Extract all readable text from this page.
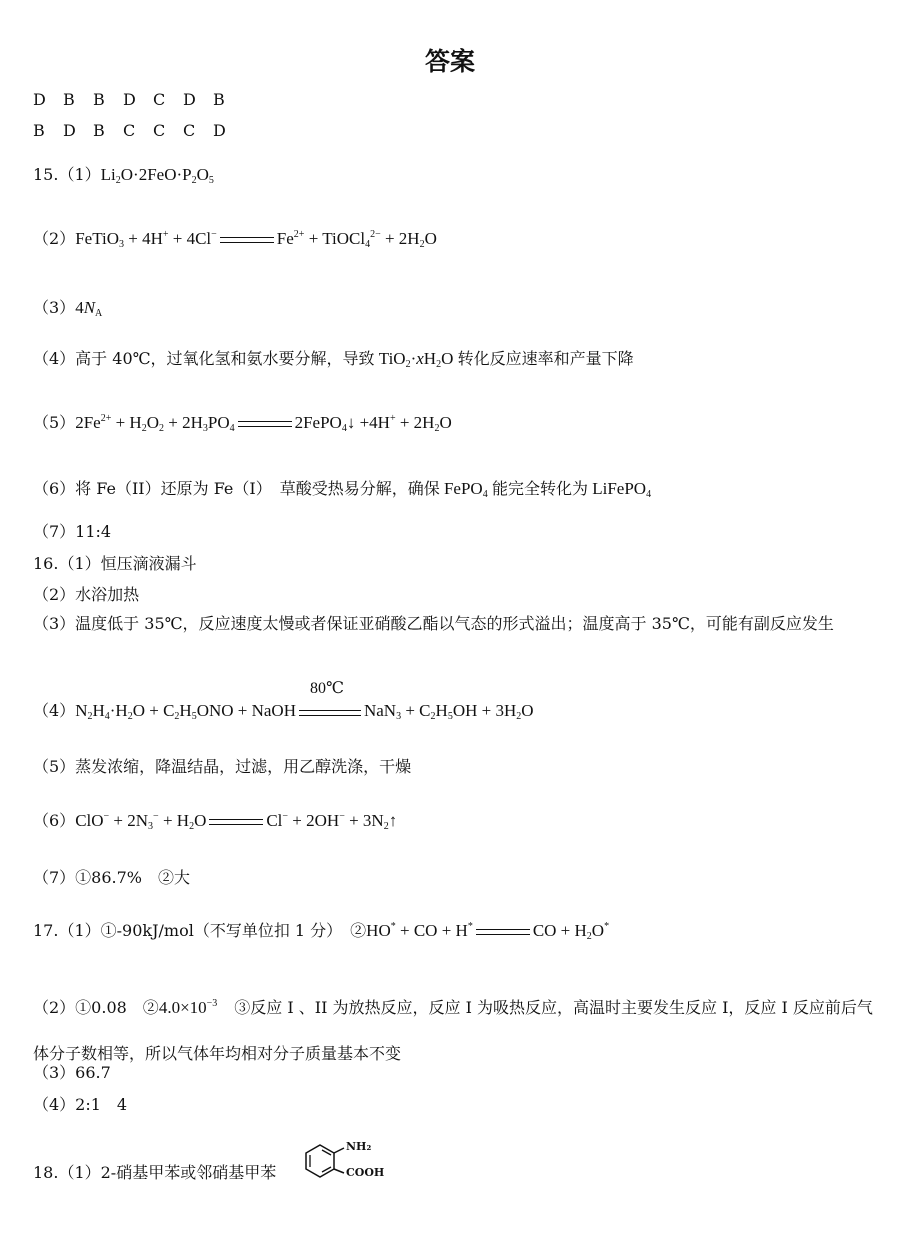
答案
D B B D C D B
B D B C C C D
$15.(1)Li_2O\cdot 2FeO\cdot P_2O_5$
（2）FeTiO$_3$ + 4H+ + 4Cl−	$Fe^{2+}$ + TiOCl$_4^{2-}$ + $2H_2O$
$(3)4N_A$
（4）高于 40℃，过氧化氢和氨水要分解，导致 $TiO_2\cdot xH_2O$ 转化反应速率和产量下降
$(5)2Fe^{2+} + H_2O_2 + 2H_3PO_4$	2FePO$_4$↓ $+4H^+ + 2H_2O$
（6）将 Fe（II）还原为 Fe（I）　草酸受热易分解，确保 FePO$_4$ 能完全转化为 LiFePO$_4$
（7）11:4
16.（1）恒压滴液漏斗
（2）水浴加热
（3）温度低于 35℃，反应速度太慢或者保证亚硝酸乙酯以气态的形式溢出；温度高于 35℃，可能有副反应发生
$(4)N_2H_4\cdot H_2O + C_2H_5ONO$ + NaOH
80℃
$NaN_3 + C_2H_5OH + 3H_2O$
（5）蒸发浓缩，降温结晶，过滤，用乙醇洗涤，干燥
$(6)ClO^- + 2N_3^- + H_2O$	$Cl^- + 2OH^- + 3N_2↑$
（7）①86.7%　②大
17.（1）①-90kJ/mol（不写单位扣 1 分）　②HO* + CO + H*	CO + $H_2O^*$
（2）①0.08　$②4.0\times 10^{-3}$　 ③反应 I 、II 为放热反应，反应 I 为吸热反应，高温时主要发生反应 I，反应 I 反应前后气体分子数相等，所以气体年均相对分子质量基本不变
（3）66.7
（4）2:1　4
18.（1）2-硝基甲苯或邻硝基甲苯
NH₂
COOH
